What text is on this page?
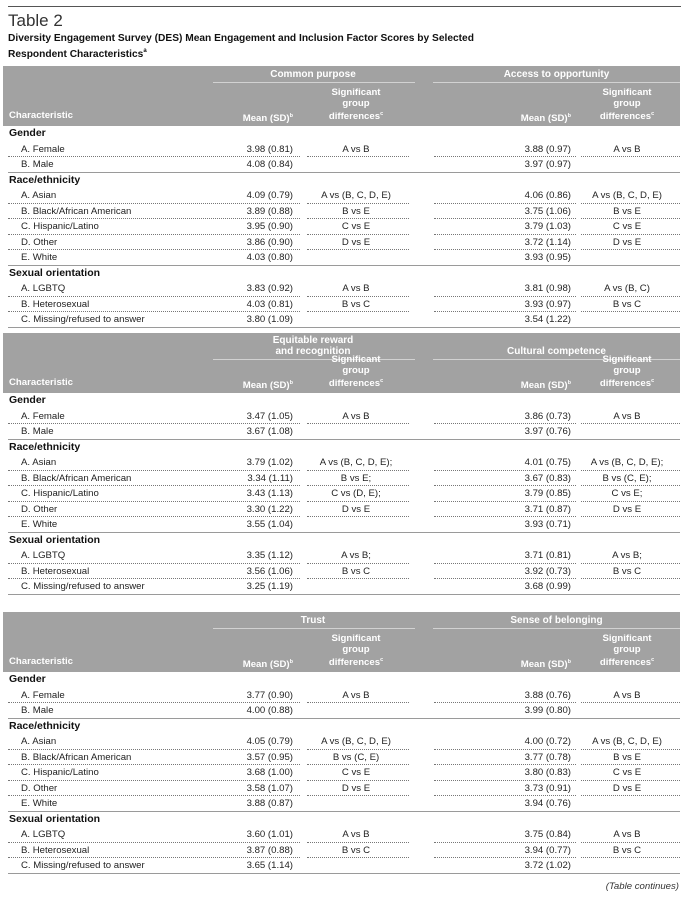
Table 2
Diversity Engagement Survey (DES) Mean Engagement and Inclusion Factor Scores by Selected Respondent Characteristics$^a$
Common purpose	Access to opportunity
Characteristic	Mean (SD)$^b$	Mean (SD)$^b$
Significant
group
differences$^c$
Significant
group
differences$^c$
Gender
A. Female	3.98 (0.81)	A vs B	3.88 (0.97)	A vs B
B. Male	4.08 (0.84)	3.97 (0.97)
Race/ethnicity
A. Asian	4.09 (0.79)	A vs (B, C, D, E)	4.06 (0.86)	A vs (B, C, D, E)
B. Black/African American	3.89 (0.88)	B vs E	3.75 (1.06)	B vs E
C. Hispanic/Latino	3.95 (0.90)	C vs E	3.79 (1.03)	C vs E
D. Other	3.86 (0.90)	D vs E	3.72 (1.14)	D vs E
E. White	4.03 (0.80)	3.93 (0.95)
Sexual orientation
A. LGBTQ	3.83 (0.92)	A vs B	3.81 (0.98)	A vs (B, C)
B. Heterosexual	4.03 (0.81)	B vs C	3.93 (0.97)	B vs C
C. Missing/refused to answer	3.80 (1.09)	3.54 (1.22)
Equitable reward
and recognition	Cultural competence
Characteristic	Mean (SD)$^b$	Mean (SD)$^b$
Significant
group
differences$^c$
Significant
group
differences$^c$
Gender
A. Female	3.47 (1.05)	A vs B	3.86 (0.73)	A vs B
B. Male	3.67 (1.08)	3.97 (0.76)
Race/ethnicity
A. Asian	3.79 (1.02)	A vs (B, C, D, E);	4.01 (0.75)	A vs (B, C, D, E);
B. Black/African American	3.34 (1.11)	B vs E;	3.67 (0.83)	B vs (C, E);
C. Hispanic/Latino	3.43 (1.13)	C vs (D, E);	3.79 (0.85)	C vs E;
D. Other	3.30 (1.22)	D vs E	3.71 (0.87)	D vs E
E. White	3.55 (1.04)	3.93 (0.71)
Sexual orientation
A. LGBTQ	3.35 (1.12)	A vs B;	3.71 (0.81)	A vs B;
B. Heterosexual	3.56 (1.06)	B vs C	3.92 (0.73)	B vs C
C. Missing/refused to answer	3.25 (1.19)	3.68 (0.99)
Trust	Sense of belonging
Characteristic	Mean (SD)$^b$	Mean (SD)$^b$
Significant
group
differences$^c$
Significant
group
differences$^c$
Gender
A. Female	3.77 (0.90)	A vs B	3.88 (0.76)	A vs B
B. Male	4.00 (0.88)	3.99 (0.80)
Race/ethnicity
A. Asian	4.05 (0.79)	A vs (B, C, D, E)	4.00 (0.72)	A vs (B, C, D, E)
B. Black/African American	3.57 (0.95)	B vs (C, E)	3.77 (0.78)	B vs E
C. Hispanic/Latino	3.68 (1.00)	C vs E	3.80 (0.83)	C vs E
D. Other	3.58 (1.07)	D vs E	3.73 (0.91)	D vs E
E. White	3.88 (0.87)	3.94 (0.76)
Sexual orientation
A. LGBTQ	3.60 (1.01)	A vs B	3.75 (0.84)	A vs B
B. Heterosexual	3.87 (0.88)	B vs C	3.94 (0.77)	B vs C
C. Missing/refused to answer	3.65 (1.14)	3.72 (1.02)
(Table continues)
